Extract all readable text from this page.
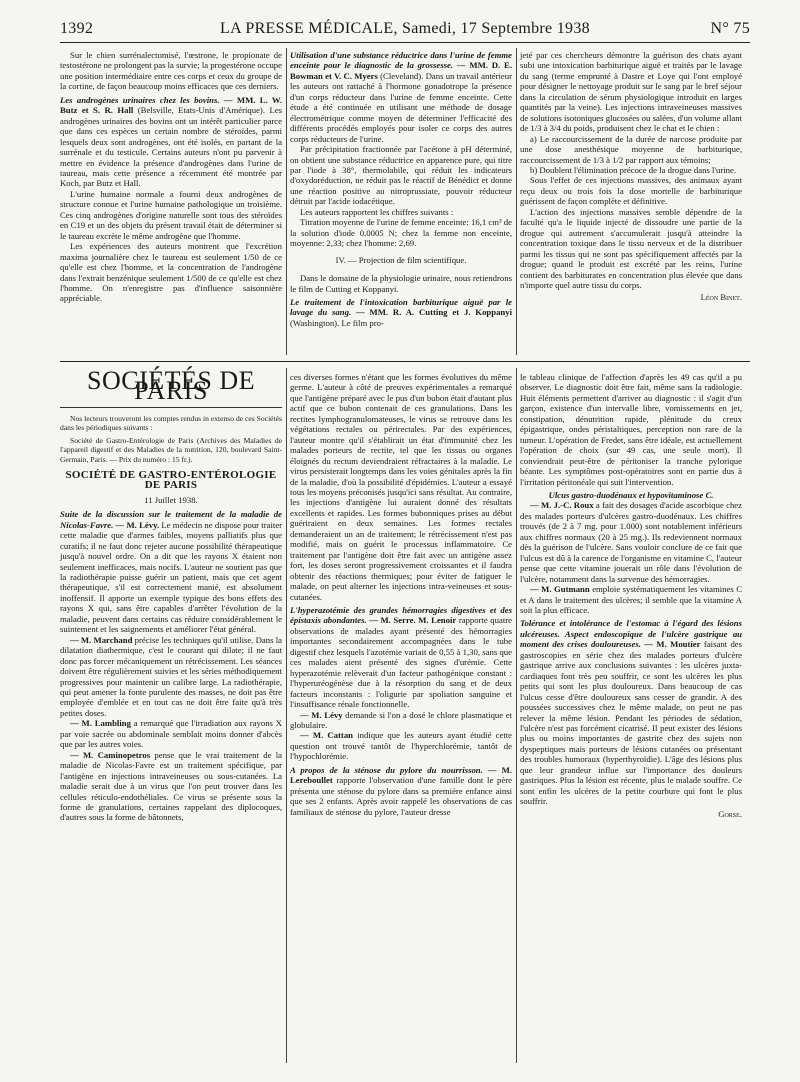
1392	LA PRESSE MÉDICALE, Samedi, 17 Septembre 1938	N° 75

Sur le chien surrénalectomisé, l'œstrone, le propionate de testostérone ne prolongent pas la survie; la progestérone occupe une position intermédiaire entre ces corps et ceux du groupe de la cortine, de façon beaucoup moins efficaces que ces derniers.

Les androgènes urinaires chez les bovins. — MM. L. W. Butz et S. R. Hall (Belsville, Etats-Unis d'Amérique). Les androgènes urinaires des bovins ont un intérêt particulier parce que dans ces espèces un certain nombre de stéroïdes, parmi lesquels deux sont androgènes, ont été isolés, en partant de la surrénale et du testicule. Certains auteurs n'ont pu parvenir à mettre en évidence la présence d'androgènes dans l'urine de taureau, mais cette présence a récemment été montrée par Koch, par Butz et Hall.

L'urine humaine normale a fourni deux androgènes de structure connue et l'urine humaine pathologique un troisième. Ces cinq androgènes d'origine naturelle sont tous des stéroïdes en C19 et un des objets du présent travail était de déterminer si le taureau excrète le même androgène que l'homme.

Les expériences des auteurs montrent que l'excrétion maxima journalière chez le taureau est seulement 1/50 de ce qu'elle est chez l'homme, et la concentration de l'androgène dans l'extrait benzénique seulement 1/500 de ce qu'elle est chez l'homme. On n'enregistre pas d'influence saisonnière appréciable.

Utilisation d'une substance réductrice dans l'urine de femme enceinte pour le diagnostic de la grossesse. — MM. D. E. Bowman et V. C. Myers (Cleveland). Dans un travail antérieur les auteurs ont rattaché à l'hormone gonadotrope la présence d'un corps réducteur dans l'urine de femme enceinte. Cette étude a été continuée en utilisant une méthode de dosage électrométrique comme moyen de déterminer l'efficacité des différents procédés employés pour isoler ce corps des autres corps réducteurs de l'urine.

Par précipitation fractionnée par l'acétone à pH déterminé, on obtient une substance réductrice en apparence pure, qui titre par l'iode à 38°, thermolabile, qui réduit les indicateurs d'oxydoréduction, ne réduit pas le réactif de Bénédict et donne une réaction positive au nitroprussiate, pouvoir réducteur détruit par l'acide iodacétique.

Les auteurs rapportent les chiffres suivants :

Titration moyenne de l'urine de femme enceinte: 16,1 cm³ de la solution d'iode 0.0005 N; chez la femme non enceinte, moyenne: 2,33; chez l'homme: 2,69.

IV. — Projection de film scientifique.

Dans le domaine de la physiologie urinaire, nous retiendrons le film de Cutting et Koppanyi.

Le traitement de l'intoxication barbiturique aiguë par le lavage du sang. — MM. R. A. Cutting et J. Koppanyi (Washington). Le film pro-

jeté par ces chercheurs démontre la guérison des chats ayant subi une intoxication barbiturique aiguë et traités par le lavage du sang (terme emprunté à Dastre et Loye qui l'ont employé pour désigner le nettoyage produit sur le sang par le bref séjour dans la circulation de sérum physiologique introduit en larges quantités par la veine). Les injections intraveineuses massives de solutions isotoniques glucosées ou salées, d'un volume allant de 1/3 à 3/4 du poids, produisent chez le chat et le chien :

a) Le raccourcissement de la durée de narcose produite par une dose anesthésique moyenne de barbiturique, raccourcissement de 1/3 à 1/2 par rapport aux témoins;

b) Doublent l'élimination précoce de la drogue dans l'urine.

Sous l'effet de ces injections massives, des animaux ayant reçu deux ou trois fois la dose mortelle de barbiturique guérissent de façon complète et définitive.

L'action des injections massives semble dépendre de la faculté qu'a le liquide injecté de dissoudre une partie de la drogue qui autrement s'accumulerait jusqu'à atteindre la concentration toxique dans le tissu nerveux et de la distribuer parmi les tissus qui ne sont pas spécifiquement affectés par la drogue; quand le produit est excrété par les reins, l'urine contient des barbiturates en concentration plus élevée que dans n'importe quel autre tissu du corps.

Léon Binet.
SOCIÉTÉS DE PARIS

Nos lecteurs trouveront les comptes rendus in extenso de ces Sociétés dans les périodiques suivants :

Société de Gastro-Entérologie de Paris (Archives des Maladies de l'appareil digestif et des Maladies de la nutrition, 120, boulevard Saint-Germain, Paris. — Prix du numéro : 15 fr.).

SOCIÉTÉ DE GASTRO-ENTÉROLOGIE DE PARIS
11 Juillet 1938.

Suite de la discussion sur le traitement de la maladie de Nicolas-Favre. — M. Lévy. Le médecin ne dispose pour traiter cette maladie que d'armes faibles, moyens palliatifs plus que curatifs; il ne faut donc rejeter aucune possibilité thérapeutique jusqu'à nouvel ordre. On a dit que les rayons X étaient non seulement inefficaces, mais nocifs. L'auteur ne soutient pas que la radiothérapie puisse guérir un patient, mais que cet agent thérapeutique, s'il est correctement manié, est absolument inoffensif. Il apporte un exemple typique des bons effets des rayons X qui, sans être capables d'arrêter l'évolution de la maladie, peuvent dans certains cas réduire considérablement le suintement et les saignements et améliorer l'état général.

— M. Marchand précise les techniques qu'il utilise. Dans la dilatation diathermique, c'est le courant qui dilate; il ne faut donc pas forcer mécaniquement un rétrécissement. Les séances doivent être régulièrement suivies et les séries méthodiquement progressives pour maintenir un calibre large. La radiothérapie, qui peut amener la fonte purulente des masses, ne doit pas être employée d'emblée et en tout cas ne doit être faite qu'à très petites doses.

— M. Lambling a remarqué que l'irradiation aux rayons X par voie sacrée ou abdominale semblait moins donner d'abcès que par les autres voies.

— M. Caminopetros pense que le vrai traitement de la maladie de Nicolas-Favre est un traitement spécifique, par l'antigène en injections intraveineuses ou sous-cutanées. La maladie serait due à un virus que l'on peut trouver dans les cellules réticulo-endothéliales. Ce virus se présente sous la forme de granulations, certaines rappelant des diplocoques, d'autres sous la forme de bâtonnets,

ces diverses formes n'étant que les formes évolutives du même germe. L'auteur à côté de preuves expérimentales a remarqué que l'antigène préparé avec le pus d'un bubon était d'autant plus actif que ce bubon contenait de ces granulations. Dans les rectites lymphogranulomateuses, le virus se retrouve dans les végétations rectales ou périrectales. Par des expériences, l'auteur montre qu'il s'établirait un état d'immunité chez les malades porteurs de rectite, tel que les tissus ou organes éloignés du rectum deviendraient réfractaires à la maladie. Le virus persisterait longtemps dans les voies génitales après la fin de la maladie, d'où la possibilité d'épidémies. L'auteur a essayé tous les moyens préconisés jusqu'ici sans résultat. Au contraire, les injections d'antigène lui auraient donné des résultats excellents et rapides. Les formes bubonniques prises au début guériraient en deux semaines. Les formes rectales demanderaient un an de traitement; le rétrécissement n'est pas modifié, mais on guérit le processus inflammatoire. Ce traitement par l'antigène doit être fait avec un antigène assez fort, les doses seront progressivement croissantes et il faudra obtenir des réactions thermiques; pour éviter de fatiguer le malade, on peut alterner les injections intra-veineuses et sous-cutanées.

L'hyperazotémie des grandes hémorragies digestives et des épistaxis abondantes. — M. Serre. M. Lenoir rapporte quatre observations de malades ayant présenté des hémorragies importantes secondairement accompagnées dans le tube digestif chez lesquels l'azotémie variait de 0,55 à 1,30, sans que ces malades aient présenté des signes d'urémie. Cette hyperazotémie relèverait d'un facteur pathogénique constant : l'hyperuréogénèse due à la résorption du sang et de deux facteurs inconstants : l'oligurie par spoliation sanguine et l'insuffisance rénale fonctionnelle.

— M. Lévy demande si l'on a dosé le chlore plasmatique et globulaire.

— M. Cattan indique que les auteurs ayant étudié cette question ont trouvé tantôt de l'hyperchlorémie, tantôt de l'hypochlorémie.

A propos de la sténose du pylore du nourrisson. — M. Lereboullet rapporte l'observation d'une famille dont le père présenta une sténose du pylore dans sa première enfance ainsi que ses 2 enfants. Après avoir rappelé les observations de cas familiaux de sténose du pylore, l'auteur dresse

le tableau clinique de l'affection d'après les 49 cas qu'il a pu observer. Le diagnostic doit être fait, même sans la radiologie. Huit éléments permettent d'arriver au diagnostic : il s'agit d'un garçon, existence d'un intervalle libre, vomissements en jet, constipation, dénutrition rapide, plénitude du creux épigastrique, ondes péristaltiques, perception non rare de la tumeur. L'opération de Fredet, sans être idéale, est actuellement l'opération de choix (sur 49 cas, une seule mort). Il conviendrait peut-être de péritoniser la tranche pylorique béante. Les symptômes post-opératoires sont en partie dus à l'irritation péritonéale qui suit l'intervention.

Ulcus gastro-duodénaux et hypovitaminose C.

— M. J.-C. Roux a fait des dosages d'acide ascorbique chez des malades porteurs d'ulcères gastro-duodénaux. Les chiffres trouvés (de 2 à 7 mg. pour 1.000) sont notablement inférieurs aux chiffres normaux (20 à 25 mg.). Ils redeviennent normaux dès la guérison de l'ulcère. Sans vouloir conclure de ce fait que l'ulcus est dû à la carence de l'organisme en vitamine C, l'auteur pense que cette vitamine jouerait un rôle dans l'évolution de l'ulcère, notamment dans la survenue des hémorragies.

— M. Gutmann emploie systématiquement les vitamines C et A dans le traitement des ulcères; il semble que la vitamine A soit la plus efficace.

Tolérance et intolérance de l'estomac à l'égard des lésions ulcéreuses. Aspect endoscopique de l'ulcère gastrique au moment des crises douloureuses. — M. Moutier faisant des gastroscopies en série chez des malades porteurs d'ulcère gastrique arrive aux conclusions suivantes : les ulcères juxta-cardiaques font très peu souffrir, ce sont les ulcères les plus petits qui sont les plus douloureux. Dans beaucoup de cas l'ulcus cesse d'être douloureux sans cesser de grandir. A des poussées successives chez le même malade, on peut ne pas relever la même lésion. Pendant les périodes de sédation, l'ulcère n'est pas forcément cicatrisé. Il peut exister des lésions plus ou moins importantes de gastrite chez des sujets non dyspeptiques mais porteurs de lésions cutanées ou présentant des troubles humoraux (hyperthyroïdie). L'âge des lésions plus que leur grandeur influe sur l'importance des douleurs gastriques. Plus la lésion est récente, plus le malade souffre. Ce sont enfin les ulcères de la petite courbure qui font le plus souffrir.

Gorse.
